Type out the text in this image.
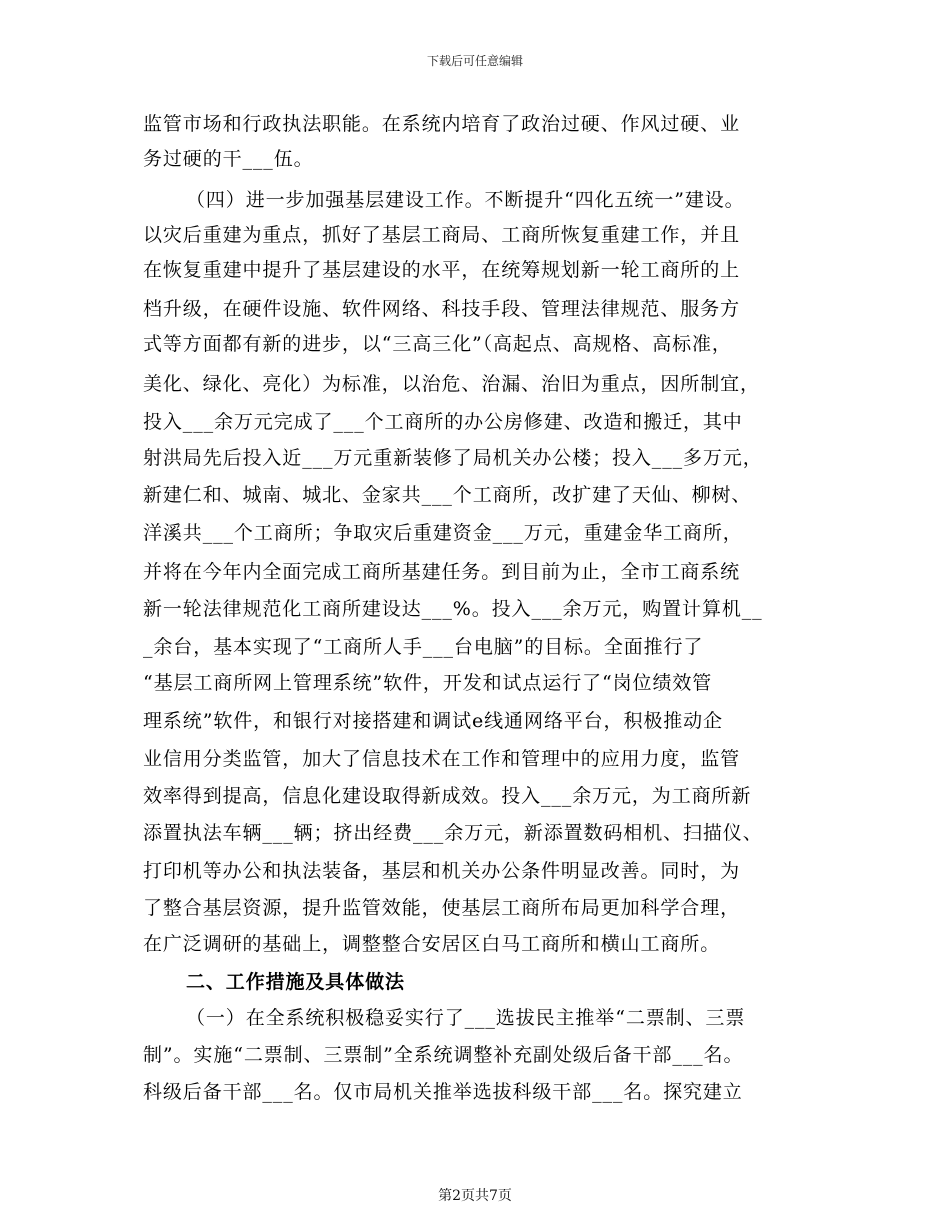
下载后可任意编辑
监管市场和行政执法职能。在系统内培育了政治过硬、作风过硬、业
务过硬的干___伍。
（四）进一步加强基层建设工作。不断提升“四化五统一”建设。
以灾后重建为重点，抓好了基层工商局、工商所恢复重建工作，并且
在恢复重建中提升了基层建设的水平，在统筹规划新一轮工商所的上
档升级，在硬件设施、软件网络、科技手段、管理法律规范、服务方
式等方面都有新的进步，以“三高三化”（高起点、高规格、高标准，
美化、绿化、亮化）为标准，以治危、治漏、治旧为重点，因所制宜，
投入___余万元完成了___个工商所的办公房修建、改造和搬迁，其中
射洪局先后投入近___万元重新装修了局机关办公楼；投入___多万元，
新建仁和、城南、城北、金家共___个工商所，改扩建了天仙、柳树、
洋溪共___个工商所；争取灾后重建资金___万元，重建金华工商所，
并将在今年内全面完成工商所基建任务。到目前为止，全市工商系统
新一轮法律规范化工商所建设达___%。投入___余万元，购置计算机__
_余台，基本实现了“工商所人手___台电脑”的目标。全面推行了
“基层工商所网上管理系统”软件，开发和试点运行了“岗位绩效管
理系统”软件，和银行对接搭建和调试e线通网络平台，积极推动企
业信用分类监管，加大了信息技术在工作和管理中的应用力度，监管
效率得到提高，信息化建设取得新成效。投入___余万元，为工商所新
添置执法车辆___辆；挤出经费___余万元，新添置数码相机、扫描仪、
打印机等办公和执法装备，基层和机关办公条件明显改善。同时，为
了整合基层资源，提升监管效能，使基层工商所布局更加科学合理，
在广泛调研的基础上，调整整合安居区白马工商所和横山工商所。
二、工作措施及具体做法
（一）在全系统积极稳妥实行了___选拔民主推举“二票制、三票
制”。实施“二票制、三票制”全系统调整补充副处级后备干部___名。
科级后备干部___名。仅市局机关推举选拔科级干部___名。探究建立
第2页共7页
